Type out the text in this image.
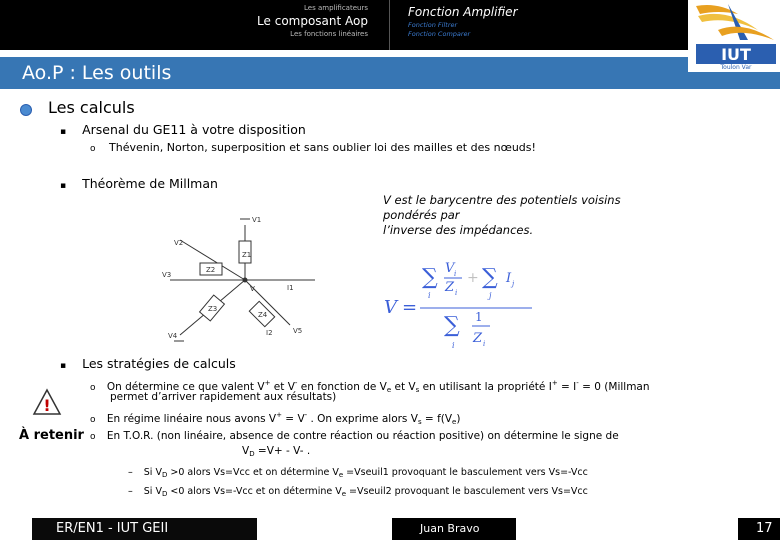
Les amplificateurs
Le composant Aop
Les fonctions linéaires
Fonction Amplifier
Fonction Filtrer
Fonction Comparer
Ao.P : Les outils
IUT
Toulon Var
Les calculs
▪ Arsenal du GE11 à votre disposition
o Thévenin, Norton, superposition et sans oublier loi des mailles et des nœuds!
▪ Théorème de Millman
V est le barycentre des potentiels voisins
pondérés par
l’inverse des impédances.
V1
Z1
V2
Z2
V3
Z3
I1
Z4
V4
V5
V
I2
V =
∑
i
V i
Z i
+ ∑
j
I j
∑
i
1
Z i
▪ Les stratégies de calculs
!
À retenir
o On détermine ce que valent V+ et V- en fonction de $V_e$ et $V_s$ en utilisant la propriété I+ = I- = 0 (Millman
permet d’arriver rapidement aux résultats)
o En régime linéaire nous avons V+ = V- . On exprime alors $V_s = f(V_e)$
o En T.O.R. (non linéaire, absence de contre réaction ou réaction positive) on détermine le signe de
$V_D =V+ - V-$ .
– Si $V_D >0$ alors Vs=Vcc et on détermine $V_e$ =Vseuil1 provoquant le basculement vers Vs=-Vcc
– Si $V_D <0$ alors Vs=-Vcc et on détermine $V_e$ =Vseuil2 provoquant le basculement vers Vs=Vcc
ER/EN1 - IUT GEII	Juan Bravo	17
